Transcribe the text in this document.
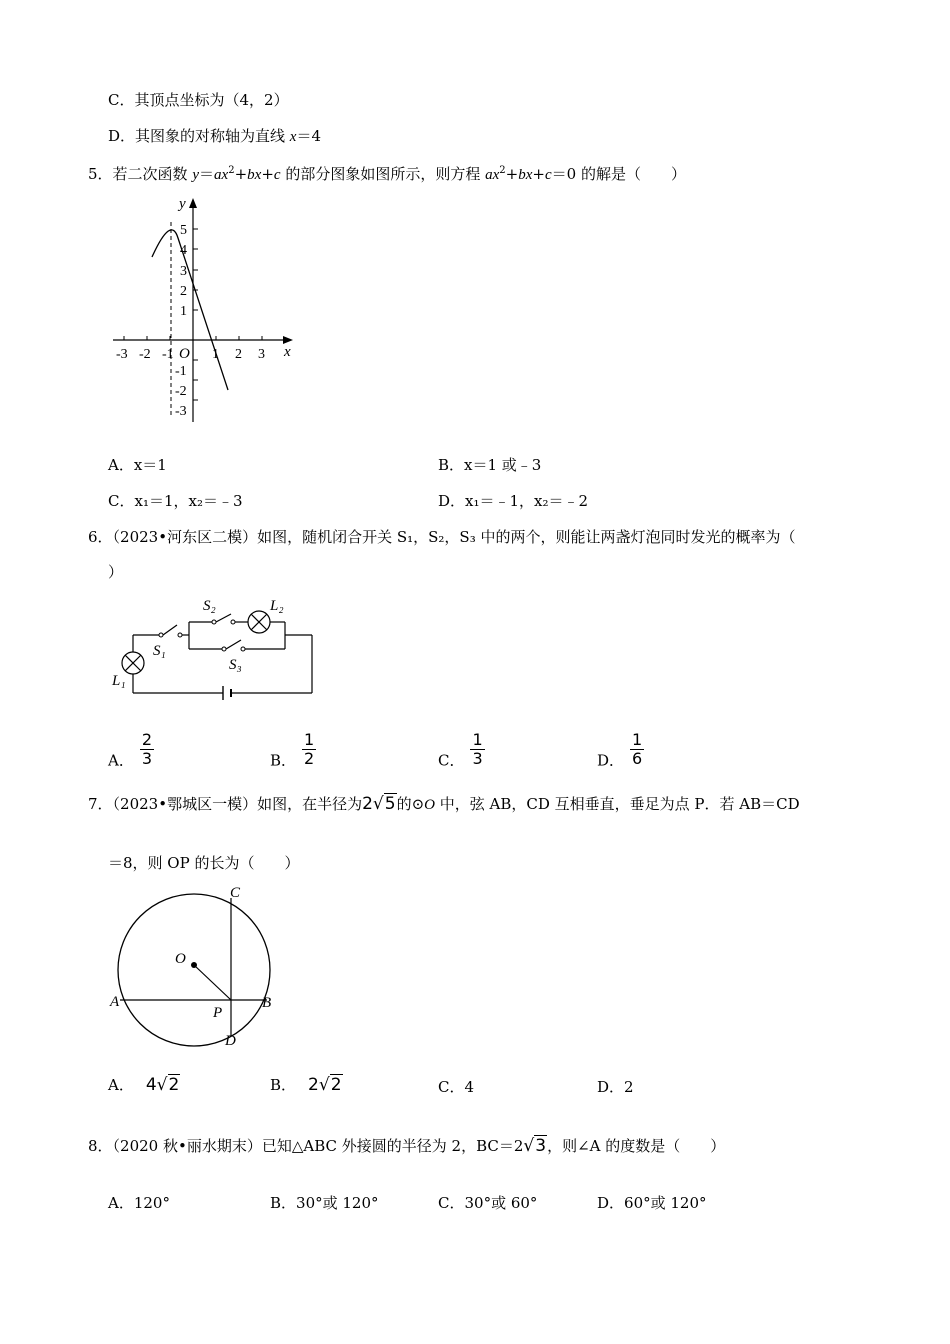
C．其顶点坐标为（4，2）
D．其图象的对称轴为直线 x＝4
5．若二次函数 $y=ax^2+bx+c$ 的部分图象如图所示，则方程 $ax^2+bx+c=0$ 的解是（　　）
y
x
O
-3 -2 -1	1 2 3
5
4
3
2
1
-1
-2
-3
A．x＝1	B．x＝1 或﹣3
C．x₁＝1，x₂＝﹣3	D．x₁＝﹣1，x₂＝﹣2
6．（2023•河东区二模）如图，随机闭合开关 S₁，S₂，S₃ 中的两个，则能让两盏灯泡同时发光的概率为（
）
S₁
S₂
S₃
L₁
L₂
A． $\frac{2}{3}$	B． $\frac{1}{2}$	C． $\frac{1}{3}$	D． $\frac{1}{6}$
7．（2023•鄂城区一模）如图，在半径为2√5的⊙O 中，弦 AB，CD 互相垂直，垂足为点 P．若 AB＝CD
＝8，则 OP 的长为（　　）
O
A	B
C
D
P
A． 4√2	B． 2√2	C．4	D．2
8．（2020 秋•丽水期末）已知△ABC 外接圆的半径为 2，BC＝2√3，则∠A 的度数是（　　）
A．120°	B．30°或 120°	C．30°或 60°	D．60°或 120°
